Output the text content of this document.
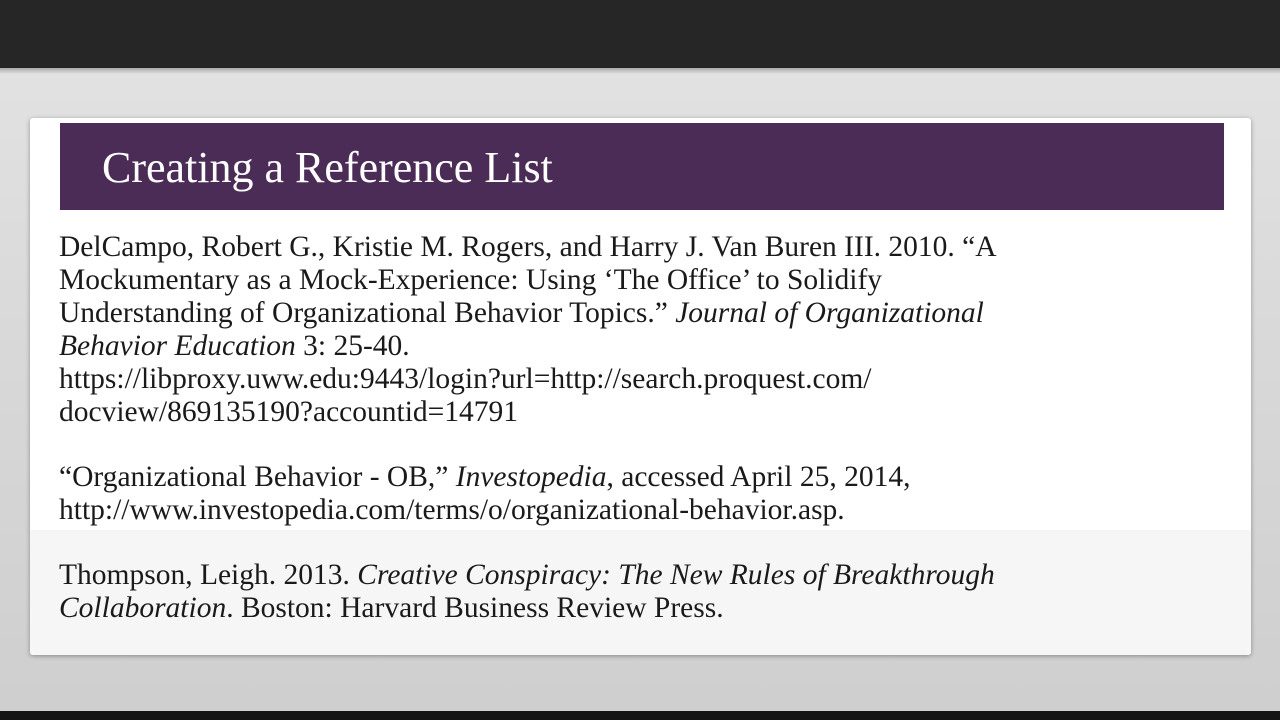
Creating a Reference List
DelCampo, Robert G., Kristie M. Rogers, and Harry J. Van Buren III. 2010. “A
Mockumentary as a Mock-Experience: Using ‘The Office’ to Solidify
Understanding of Organizational Behavior Topics.” Journal of Organizational
Behavior Education 3: 25-40.
https://libproxy.uww.edu:9443/login?url=http://search.proquest.com/
docview/869135190?accountid=14791
“Organizational Behavior - OB,” Investopedia, accessed April 25, 2014,
http://www.investopedia.com/terms/o/organizational-behavior.asp.
Thompson, Leigh. 2013. Creative Conspiracy: The New Rules of Breakthrough
Collaboration. Boston: Harvard Business Review Press.
